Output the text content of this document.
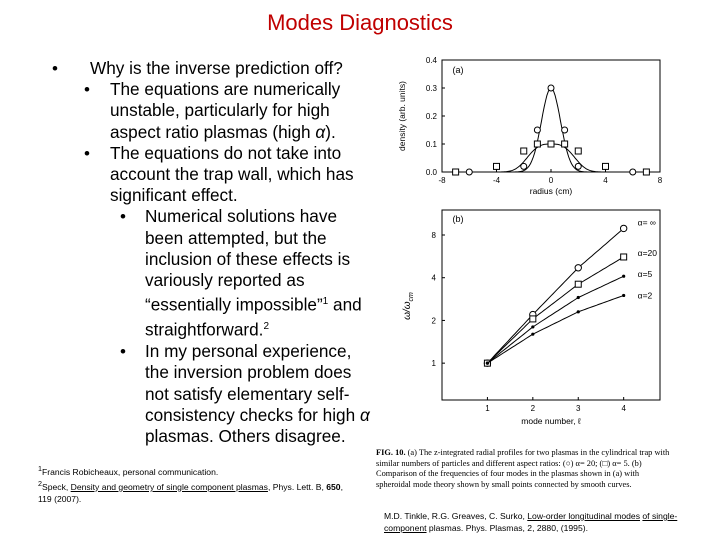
Modes Diagnostics
• Why is the inverse prediction off?
• The equations are numerically unstable, particularly for high aspect ratio plasmas (high α).
• The equations do not take into account the trap wall, which has significant effect.
• Numerical solutions have been attempted, but the inclusion of these effects is variously reported as “essentially impossible”$^1$ and straightforward.$^2$
• In my personal experience, the inversion problem does not satisfy elementary self-consistency checks for high α plasmas. Others disagree.
$^1$Francis Robicheaux, personal communication.
$^2$Speck, Density and geometry of single component plasmas, Phys. Lett. B, 650, 119 (2007).
-8	-4	0	4	8
0.0
0.1
0.2
0.3
0.4
(a)
radius (cm)
density (arb. units)
1	2	3	4
1
2
4
8
(b)
mode number, ℓ
$\omega/\omega_{cm}$
α= ∞
α=20
α=5
α=2
FIG. 10. (a) The z-integrated radial profiles for two plasmas in the cylindrical trap with similar numbers of particles and different aspect ratios: (○) α= 20; (□) α= 5. (b) Comparison of the frequencies of four modes in the plasmas shown in (a) with spheroidal mode theory shown by small points connected by smooth curves.
M.D. Tinkle, R.G. Greaves, C. Surko, Low-order longitudinal modes of single-component plasmas. Phys. Plasmas, 2, 2880, (1995).
